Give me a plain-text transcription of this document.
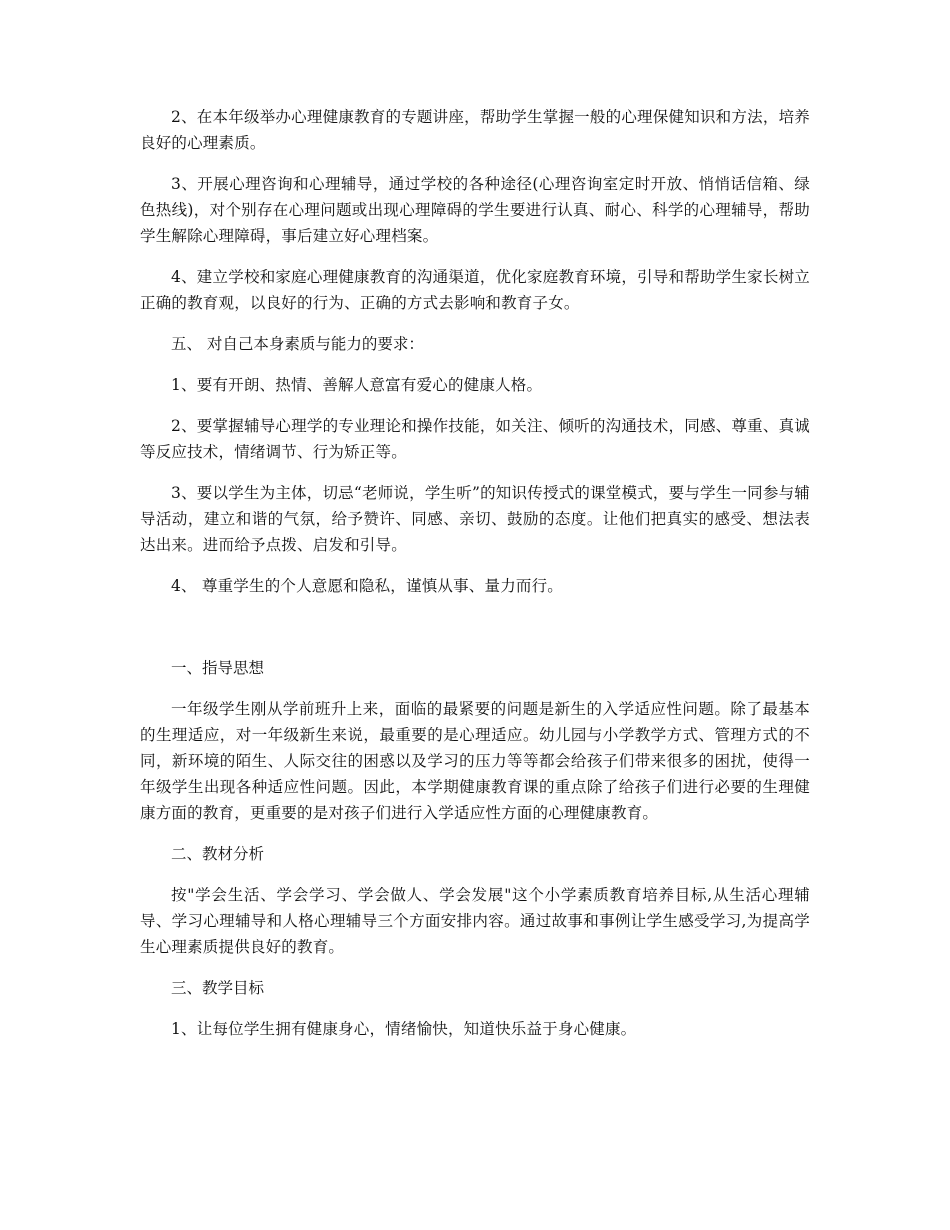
2、在本年级举办心理健康教育的专题讲座，帮助学生掌握一般的心理保健知识和方法，培养良好的心理素质。

3、开展心理咨询和心理辅导，通过学校的各种途径(心理咨询室定时开放、悄悄话信箱、绿色热线)，对个别存在心理问题或出现心理障碍的学生要进行认真、耐心、科学的心理辅导，帮助学生解除心理障碍，事后建立好心理档案。

4、建立学校和家庭心理健康教育的沟通渠道，优化家庭教育环境，引导和帮助学生家长树立正确的教育观，以良好的行为、正确的方式去影响和教育子女。

五、 对自己本身素质与能力的要求：

1、要有开朗、热情、善解人意富有爱心的健康人格。

2、要掌握辅导心理学的专业理论和操作技能，如关注、倾听的沟通技术，同感、尊重、真诚等反应技术，情绪调节、行为矫正等。

3、要以学生为主体，切忌“老师说，学生听”的知识传授式的课堂模式，要与学生一同参与辅导活动，建立和谐的气氛，给予赞许、同感、亲切、鼓励的态度。让他们把真实的感受、想法表达出来。进而给予点拨、启发和引导。

4、 尊重学生的个人意愿和隐私，谨慎从事、量力而行。

一、指导思想

一年级学生刚从学前班升上来，面临的最紧要的问题是新生的入学适应性问题。除了最基本的生理适应，对一年级新生来说，最重要的是心理适应。幼儿园与小学教学方式、管理方式的不同，新环境的陌生、人际交往的困惑以及学习的压力等等都会给孩子们带来很多的困扰，使得一年级学生出现各种适应性问题。因此，本学期健康教育课的重点除了给孩子们进行必要的生理健康方面的教育，更重要的是对孩子们进行入学适应性方面的心理健康教育。

二、教材分析

按"学会生活、学会学习、学会做人、学会发展"这个小学素质教育培养目标,从生活心理辅导、学习心理辅导和人格心理辅导三个方面安排内容。通过故事和事例让学生感受学习,为提高学生心理素质提供良好的教育。

三、教学目标

1、让每位学生拥有健康身心，情绪愉快，知道快乐益于身心健康。
